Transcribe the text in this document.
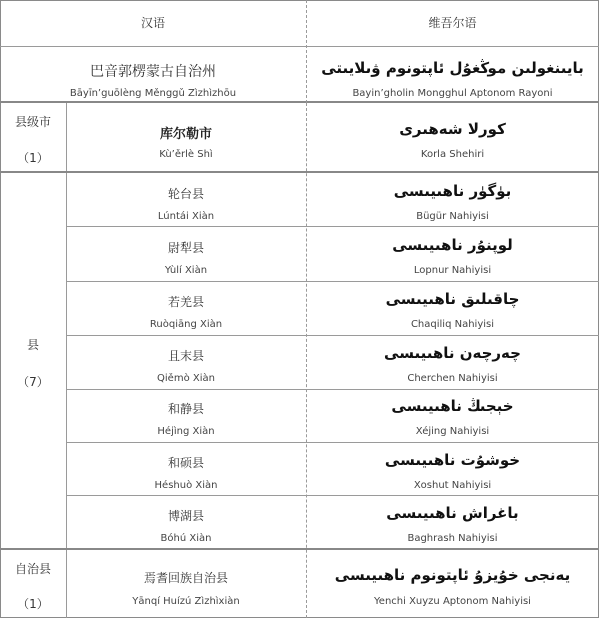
汉语	维吾尔语
巴音郭楞蒙古自治州
Bāyīn’guōlèng Měnggǔ Zìzhìzhōu
بايىنغولىن موڭغۇل ئاپتونوم ۋىلايىتى
Bayin’gholin Mongghul Aptonom Rayoni
县级市
（1）
库尔勒市
Kù’ěrlè Shì
كورلا شەھىرى
Korla Shehiri
县
（7）
轮台县
Lúntái Xiàn
بۈگۈر ناھىيىسى
Bügür Nahiyisi
尉犁县
Yùlí Xiàn
لوپنۇر ناھىيىسى
Lopnur Nahiyisi
若羌县
Ruòqiāng Xiàn
چاقىلىق ناھىيىسى
Chaqiliq Nahiyisi
且末县
Qiěmò Xiàn
چەرچەن ناھىيىسى
Cherchen Nahiyisi
和静县
Héjìng Xiàn
خېجىڭ ناھىيىسى
Xéjing Nahiyisi
和硕县
Héshuò Xiàn
خوشۇت ناھىيىسى
Xoshut Nahiyisi
博湖县
Bóhú Xiàn
باغراش ناھىيىسى
Baghrash Nahiyisi
自治县
（1）
焉耆回族自治县
Yānqí Huízú Zìzhìxiàn
يەنجى خۇيزۇ ئاپتونوم ناھىيىسى
Yenchi Xuyzu Aptonom Nahiyisi
